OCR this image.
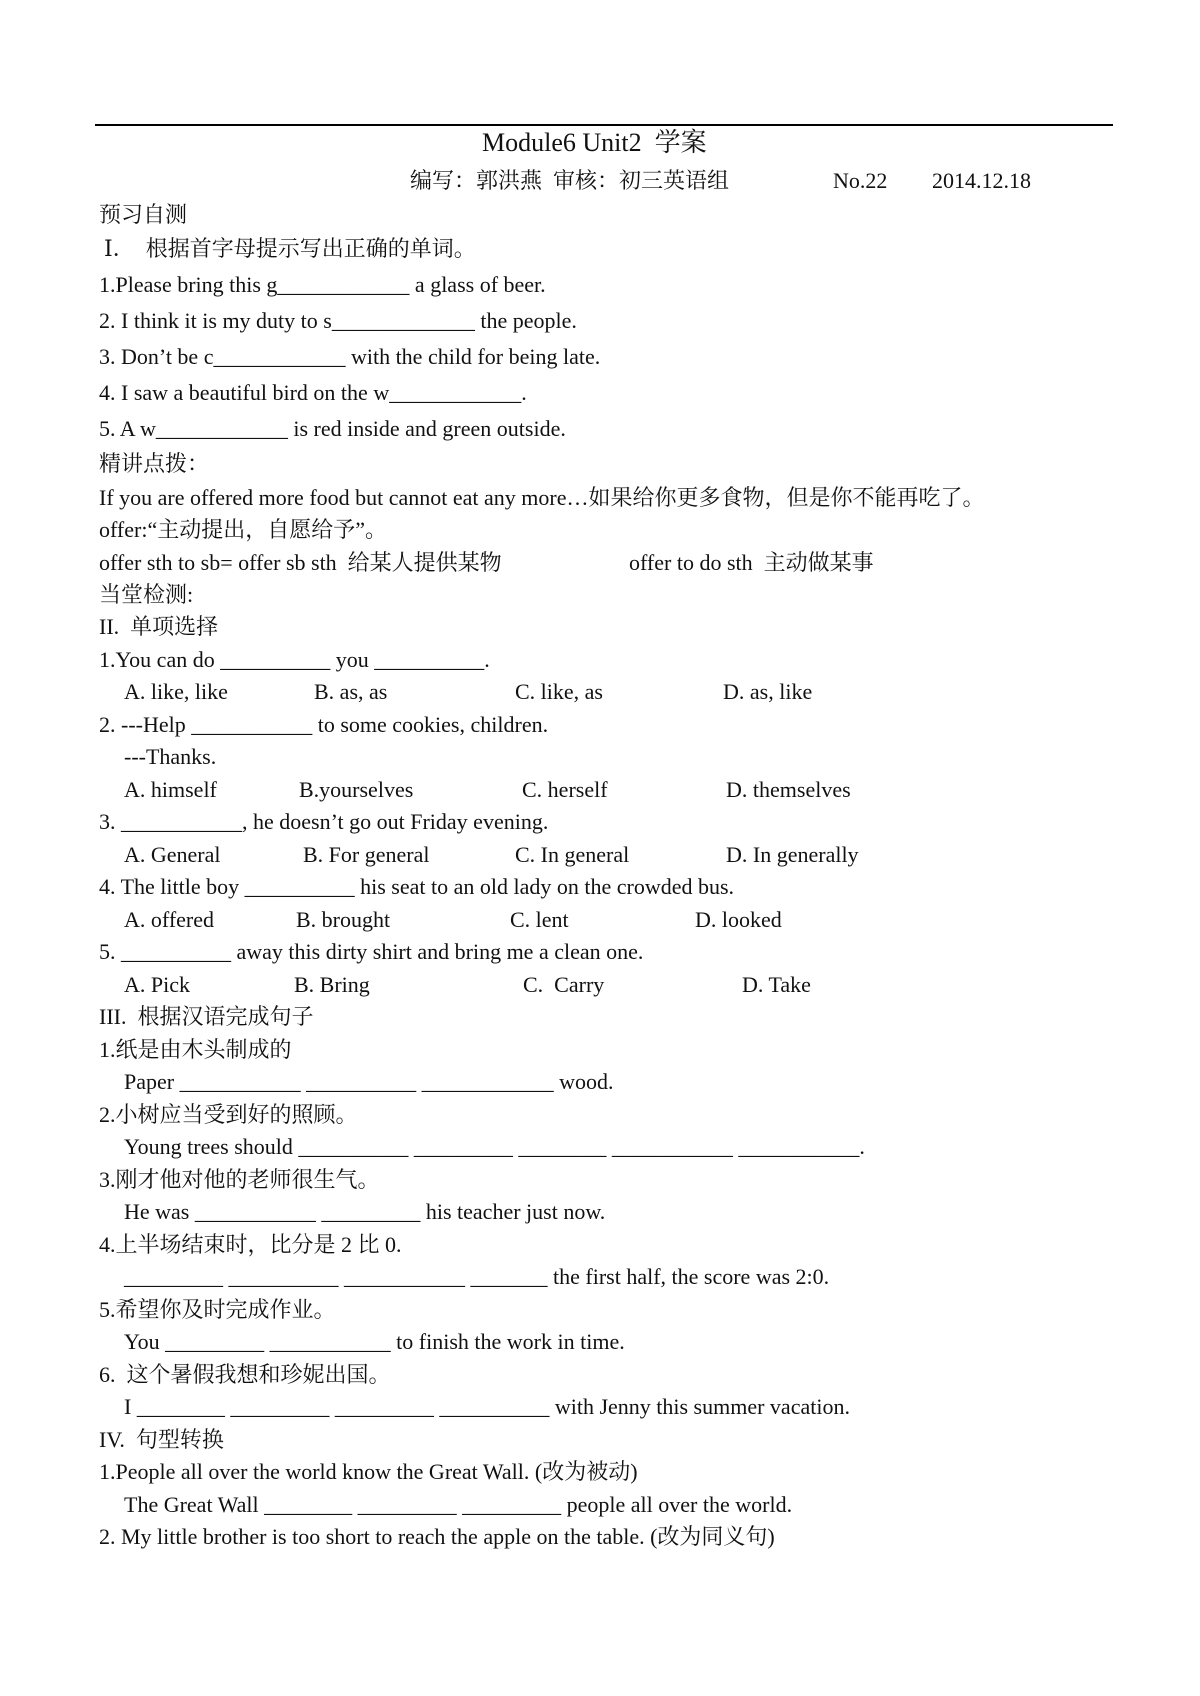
Module6 Unit2  学案
编写：郭洪燕  审核：初三英语组	No.22 2014.12.18
预习自测
Ⅰ．  根据首字母提示写出正确的单词。
1.Please bring this g____________ a glass of beer.
2. I think it is my duty to s_____________ the people.
3. Don’t be c____________ with the child for being late.
4. I saw a beautiful bird on the w____________.
5. A w____________ is red inside and green outside.
精讲点拨：
If you are offered more food but cannot eat any more…如果给你更多食物，但是你不能再吃了。
offer:“主动提出，自愿给予”。
offer sth to sb= offer sb sth  给某人提供某物	offer to do sth  主动做某事
当堂检测:
II.  单项选择
1.You can do __________ you __________.
A. like, like	B. as, as	C. like, as	D. as, like
2. ---Help ___________ to some cookies, children.
---Thanks.
A. himself	B.yourselves	C. herself	D. themselves
3. ___________, he doesn’t go out Friday evening.
A. General	B. For general	C. In general	D. In generally
4. The little boy __________ his seat to an old lady on the crowded bus.
A. offered	B. brought	C. lent	D. looked
5. __________ away this dirty shirt and bring me a clean one.
A. Pick	B. Bring	C.  Carry	D. Take
III.  根据汉语完成句子
1.纸是由木头制成的
Paper ___________ __________ ____________ wood.
2.小树应当受到好的照顾。
Young trees should __________ _________ ________ ___________ ___________.
3.刚才他对他的老师很生气。
He was ___________ _________ his teacher just now.
4.上半场结束时，比分是 2 比 0.
_________ __________ ___________ _______ the first half, the score was 2:0.
5.希望你及时完成作业。
You _________ ___________ to finish the work in time.
6.  这个暑假我想和珍妮出国。
I ________ _________ _________ __________ with Jenny this summer vacation.
IV.  句型转换
1.People all over the world know the Great Wall. (改为被动)
The Great Wall ________ _________ _________ people all over the world.
2. My little brother is too short to reach the apple on the table. (改为同义句)
